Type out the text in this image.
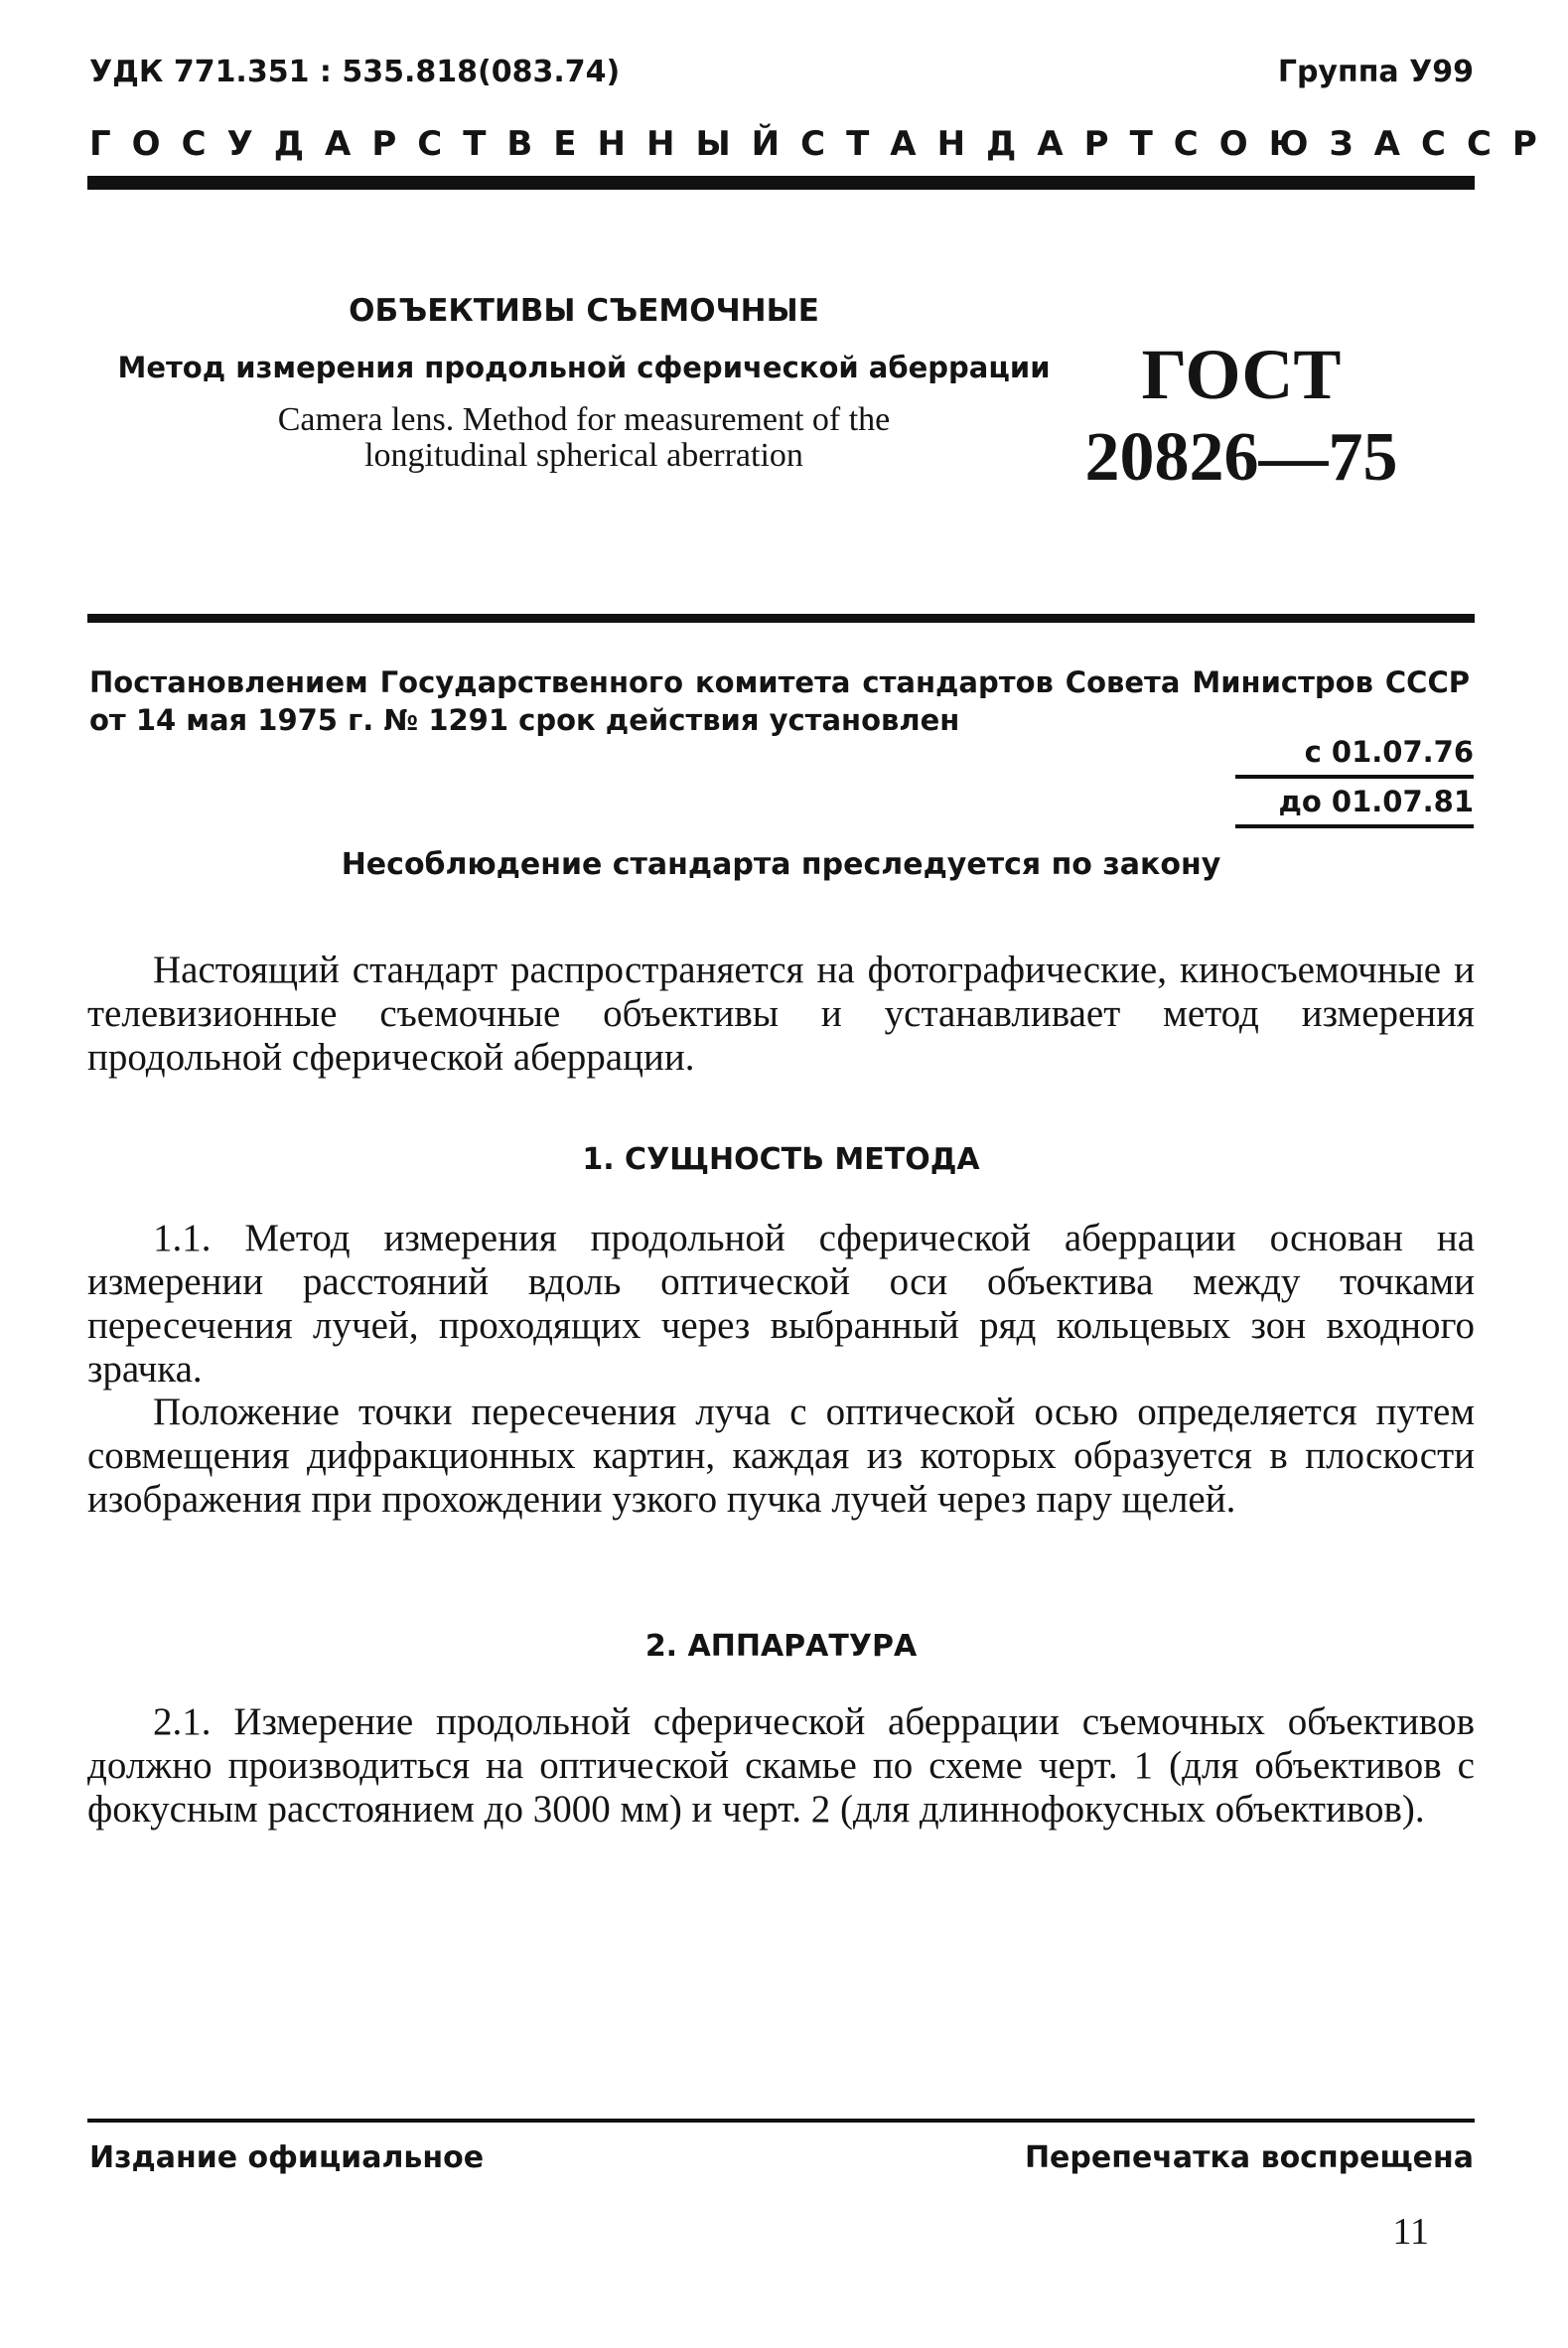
УДК 771.351 : 535.818(083.74)	Группа У99
ГОСУДАРСТВЕННЫЙ СТАНДАРТ СОЮЗА ССР
ОБЪЕКТИВЫ СЪЕМОЧНЫЕ
Метод измерения продольной сферической аберрации
Camera lens. Method for measurement of the
longitudinal spherical aberration
ГОСТ
20826—75
Постановлением Государственного комитета стандартов Совета Министров СССР от 14 мая 1975 г. № 1291 срок действия установлен
с 01.07.76
до 01.07.81
Несоблюдение стандарта преследуется по закону

Настоящий стандарт распространяется на фотографические, киносъемочные и телевизионные съемочные объективы и устанавливает метод измерения продольной сферической аберрации.

1. СУЩНОСТЬ МЕТОДА

1.1. Метод измерения продольной сферической аберрации основан на измерении расстояний вдоль оптической оси объектива между точками пересечения лучей, проходящих через выбранный ряд кольцевых зон входного зрачка.

Положение точки пересечения луча с оптической осью определяется путем совмещения дифракционных картин, каждая из которых образуется в плоскости изображения при прохождении узкого пучка лучей через пару щелей.

2. АППАРАТУРА

2.1. Измерение продольной сферической аберрации съемочных объективов должно производиться на оптической скамье по схеме черт. 1 (для объективов с фокусным расстоянием до 3000 мм) и черт. 2 (для длиннофокусных объективов).

Издание официальное	Перепечатка воспрещена
11
